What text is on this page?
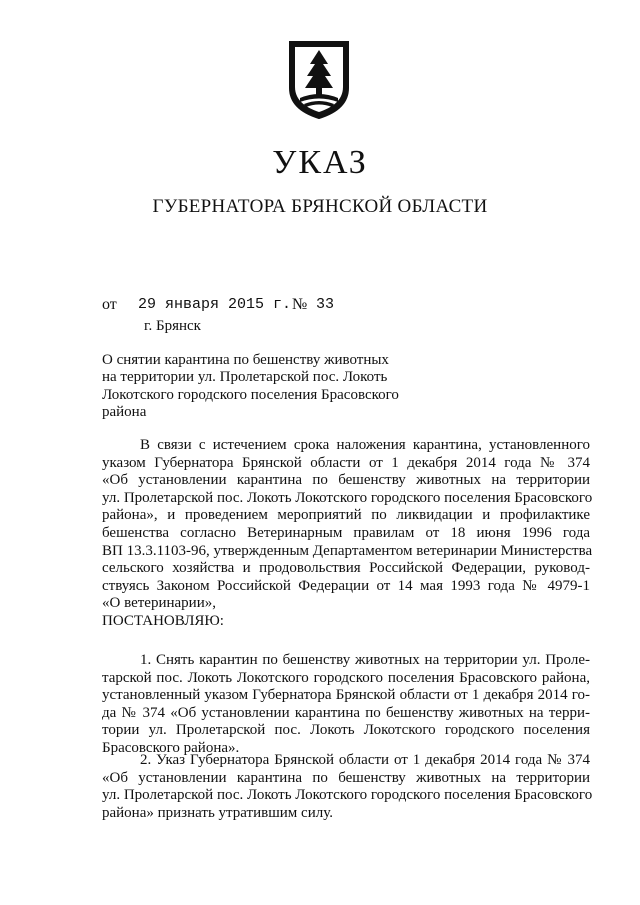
УКАЗ
ГУБЕРНАТОРА БРЯНСКОЙ ОБЛАСТИ
от 29 января 2015 г. № 33
г. Брянск
О снятии карантина по бешенству животных
на территории ул. Пролетарской пос. Локоть
Локотского городского поселения Брасовского
района
В связи с истечением срока наложения карантина, установленного
указом Губернатора Брянской области от 1 декабря 2014 года № 374
«Об установлении карантина по бешенству животных на территории
ул. Пролетарской пос. Локоть Локотского городского поселения Брасовского
района», и проведением мероприятий по ликвидации и профилактике
бешенства согласно Ветеринарным правилам от 18 июня 1996 года
ВП 13.3.1103-96, утвержденным Департаментом ветеринарии Министерства
сельского хозяйства и продовольствия Российской Федерации, руковод-
ствуясь Законом Российской Федерации от 14 мая 1993 года № 4979-1
«О ветеринарии»,
ПОСТАНОВЛЯЮ:
1. Снять карантин по бешенству животных на территории ул. Проле-
тарской пос. Локоть Локотского городского поселения Брасовского района,
установленный указом Губернатора Брянской области от 1 декабря 2014 го-
да № 374 «Об установлении карантина по бешенству животных на терри-
тории ул. Пролетарской пос. Локоть Локотского городского поселения
Брасовского района».
2. Указ Губернатора Брянской области от 1 декабря 2014 года № 374
«Об установлении карантина по бешенству животных на территории
ул. Пролетарской пос. Локоть Локотского городского поселения Брасовского
района» признать утратившим силу.
